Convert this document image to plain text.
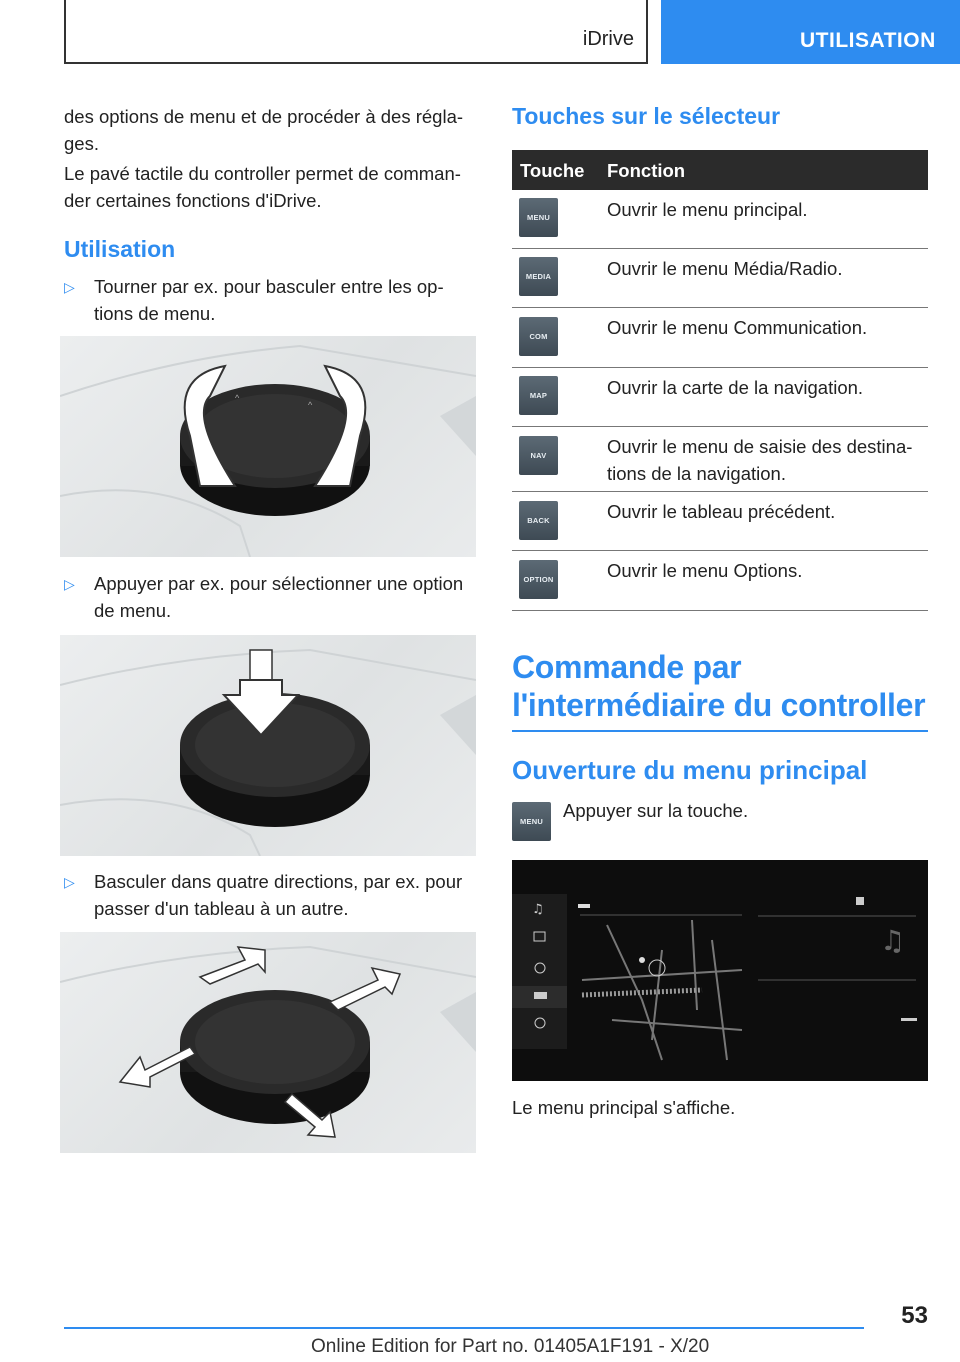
iDrive	UTILISATION
des options de menu et de procéder à des régla-ges.
Le pavé tactile du controller permet de comman-der certaines fonctions d'iDrive.
Utilisation
▷ Tourner par ex. pour basculer entre les op-tions de menu.
^
^
▷ Appuyer par ex. pour sélectionner une option de menu.
▷ Basculer dans quatre directions, par ex. pour passer d'un tableau à un autre.
Touches sur le sélecteur
Touche Fonction
MENU	Ouvrir le menu principal.
MEDIA	Ouvrir le menu Média/Radio.
COM	Ouvrir le menu Communication.
MAP	Ouvrir la carte de la navigation.
NAV	Ouvrir le menu de saisie des destina-tions de la navigation.
BACK	Ouvrir le tableau précédent.
OPTION	Ouvrir le menu Options.
Commande par
l'intermédiaire du controller
Ouverture du menu principal
MENU
Appuyer sur la touche.
♫
♫
Le menu principal s'affiche.
53
Online Edition for Part no. 01405A1F191 - X/20
